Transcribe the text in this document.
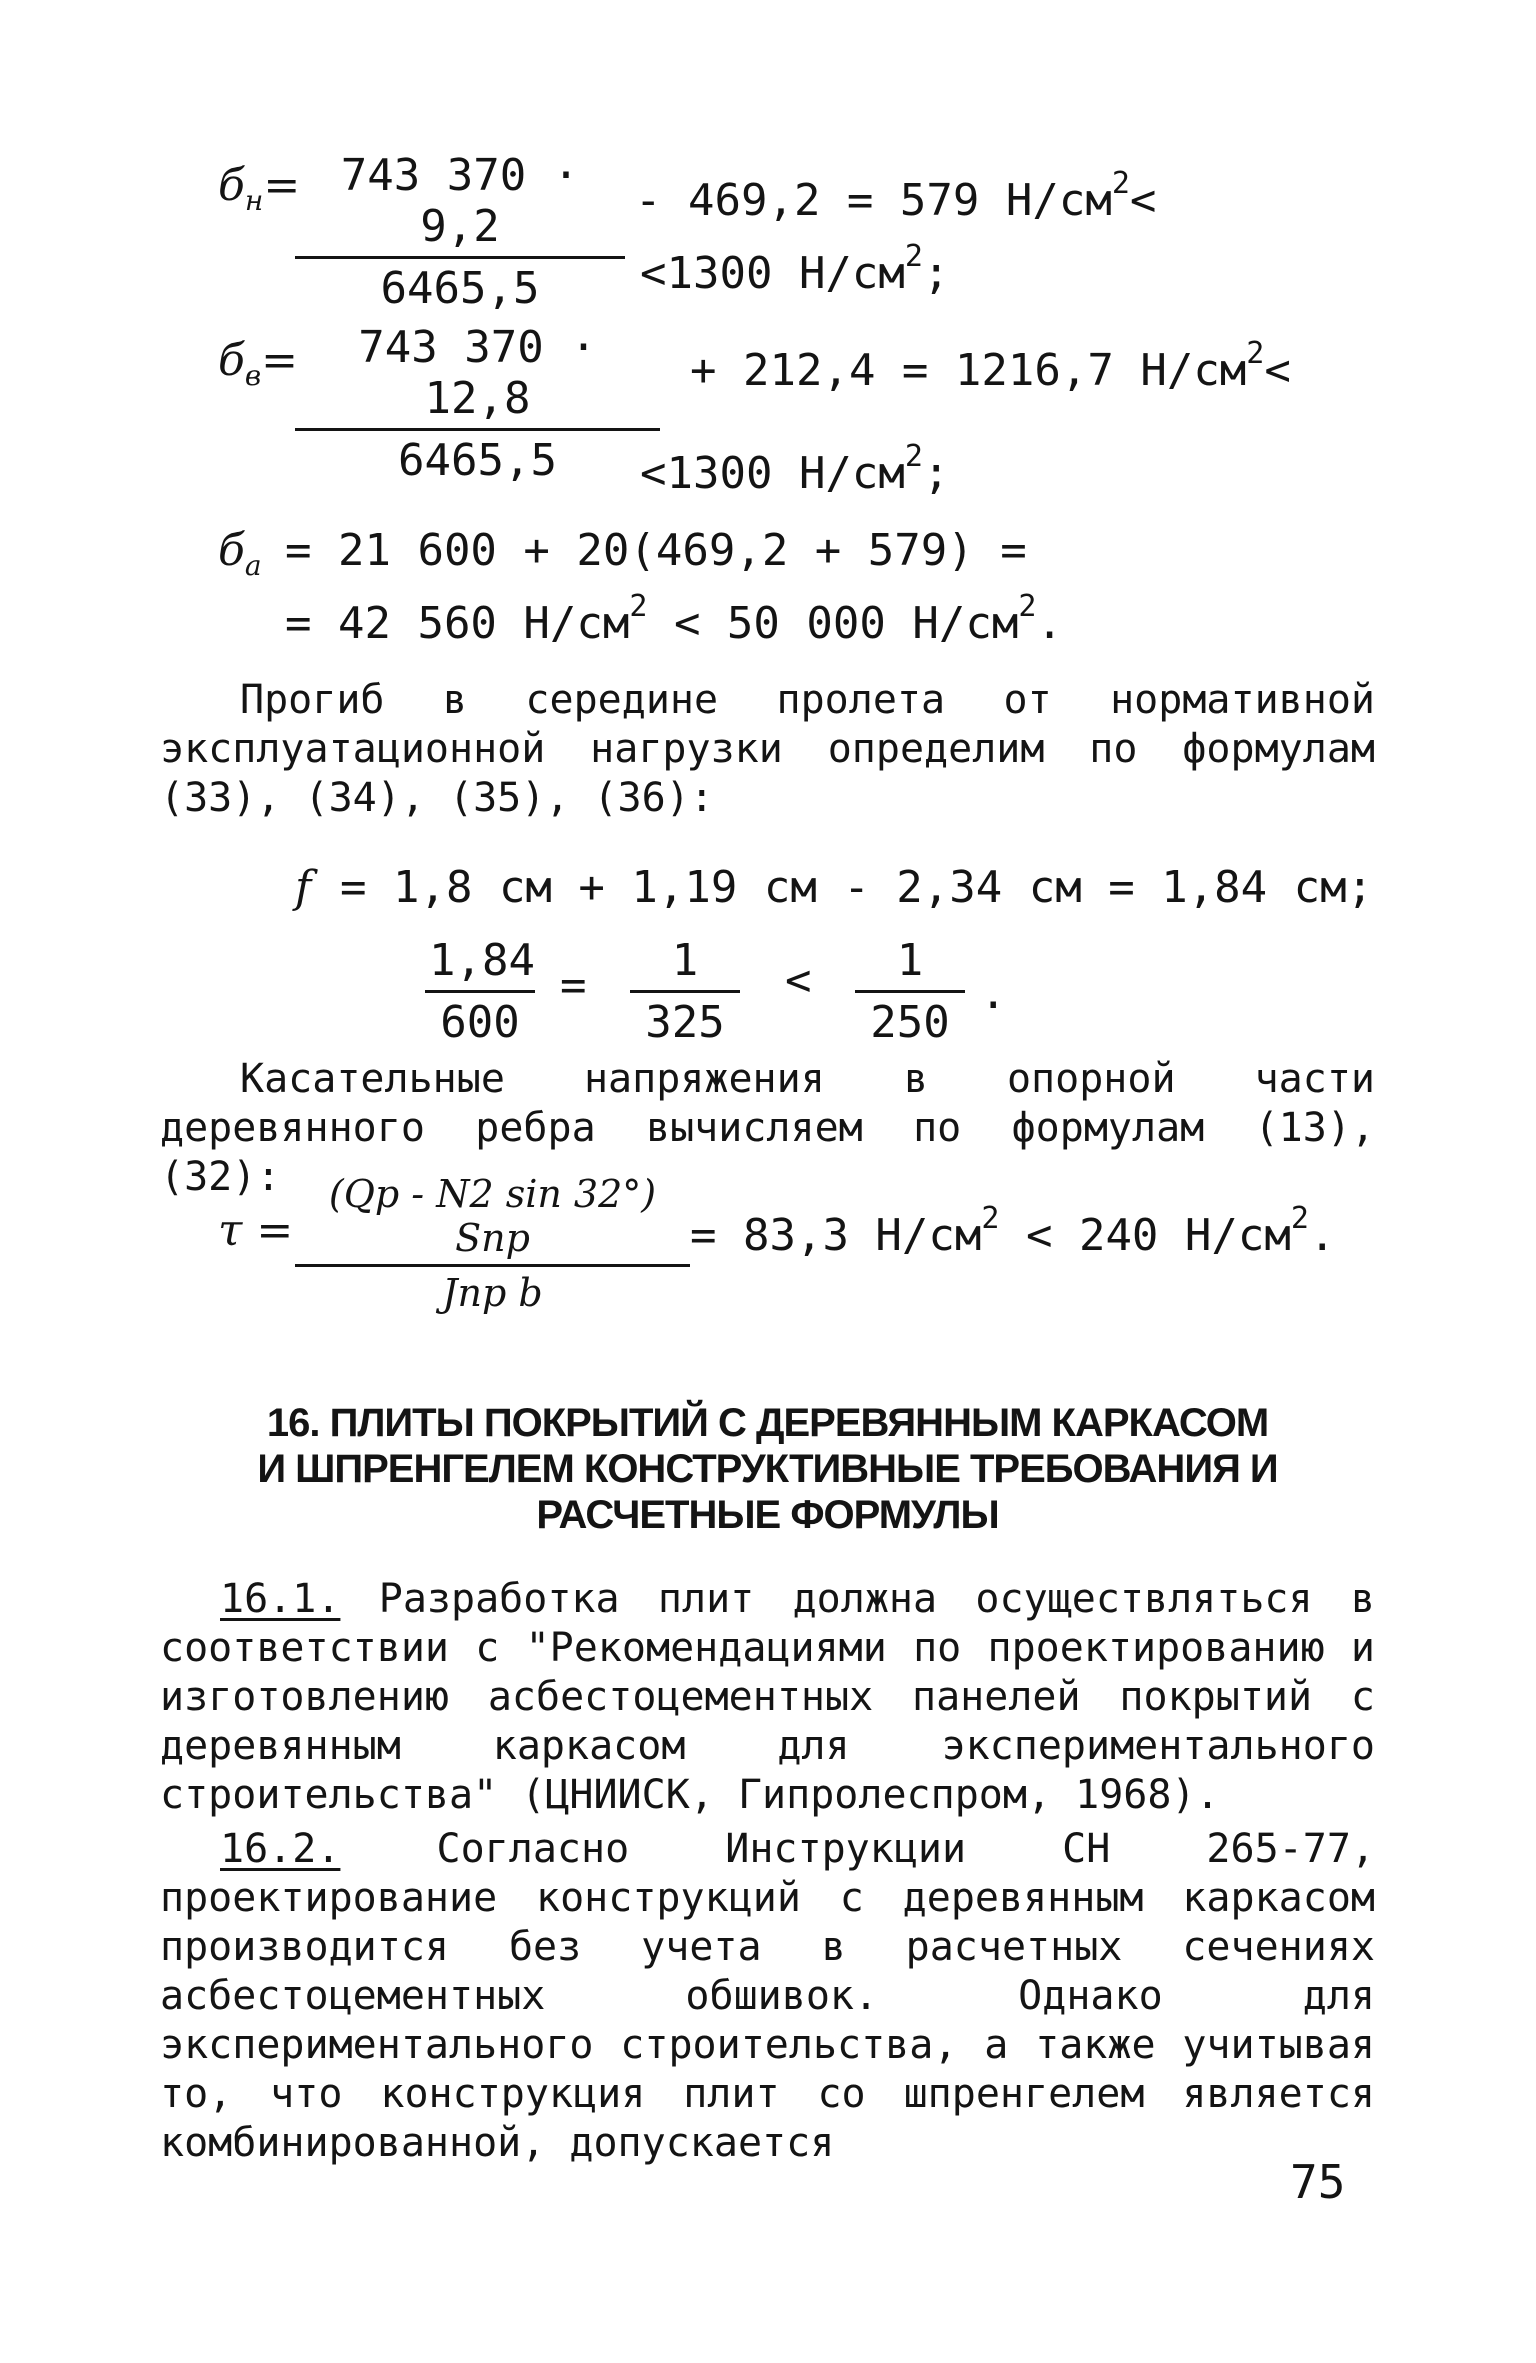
$б_н=$
$\frac{743 370 \cdot 9,2}{6465,5} - 469,2 = 579$ $Н/см^2<$
<1300 $Н/см^2$;
$б_в=$
$\frac{743 370 \cdot 12,8}{6465,5} + 212,4 = 1216,7$ $Н/см^2<$
<1300 $Н/см^2$;
$б_a = 21$ 600 + 20(469,2 + 579) =
= 42 560 $Н/см^2 < 50$ 000 $Н/см^2$.
Прогиб в середине пролета от нормативной эксплуатационной нагрузки определим по формулам (33), (34), (35), (36):
f = 1,8 см + 1,19 см - 2,34 см = 1,84 см;
$\frac{1,84}{600} = \frac{1}{325} < \frac{1}{250}$ .
Касательные напряжения в опорной части деревянного ребра вычисляем по формулам (13), (32):
τ =
(Qp - N2 sin 32°) Sпр
Jпр b
= 83,3 $Н/см^2 < 240$ $Н/см^2$.
16. ПЛИТЫ ПОКРЫТИЙ С ДЕРЕВЯННЫМ КАРКАСОМ
И ШПРЕНГЕЛЕМ КОНСТРУКТИВНЫЕ ТРЕБОВАНИЯ И
РАСЧЕТНЫЕ ФОРМУЛЫ
16.1. Разработка плит должна осуществляться в соответствии с "Рекомендациями по проектированию и изготовлению асбестоцементных панелей покрытий с деревянным каркасом для экспериментального строительства" (ЦНИИСК, Гипролеспром, 1968).
16.2. Согласно Инструкции СН 265-77, проектирование конструкций с деревянным каркасом производится без учета в расчетных сечениях асбестоцементных обшивок. Однако для экспериментального строительства, а также учитывая то, что конструкция плит со шпренгелем является комбинированной, допускается
75
